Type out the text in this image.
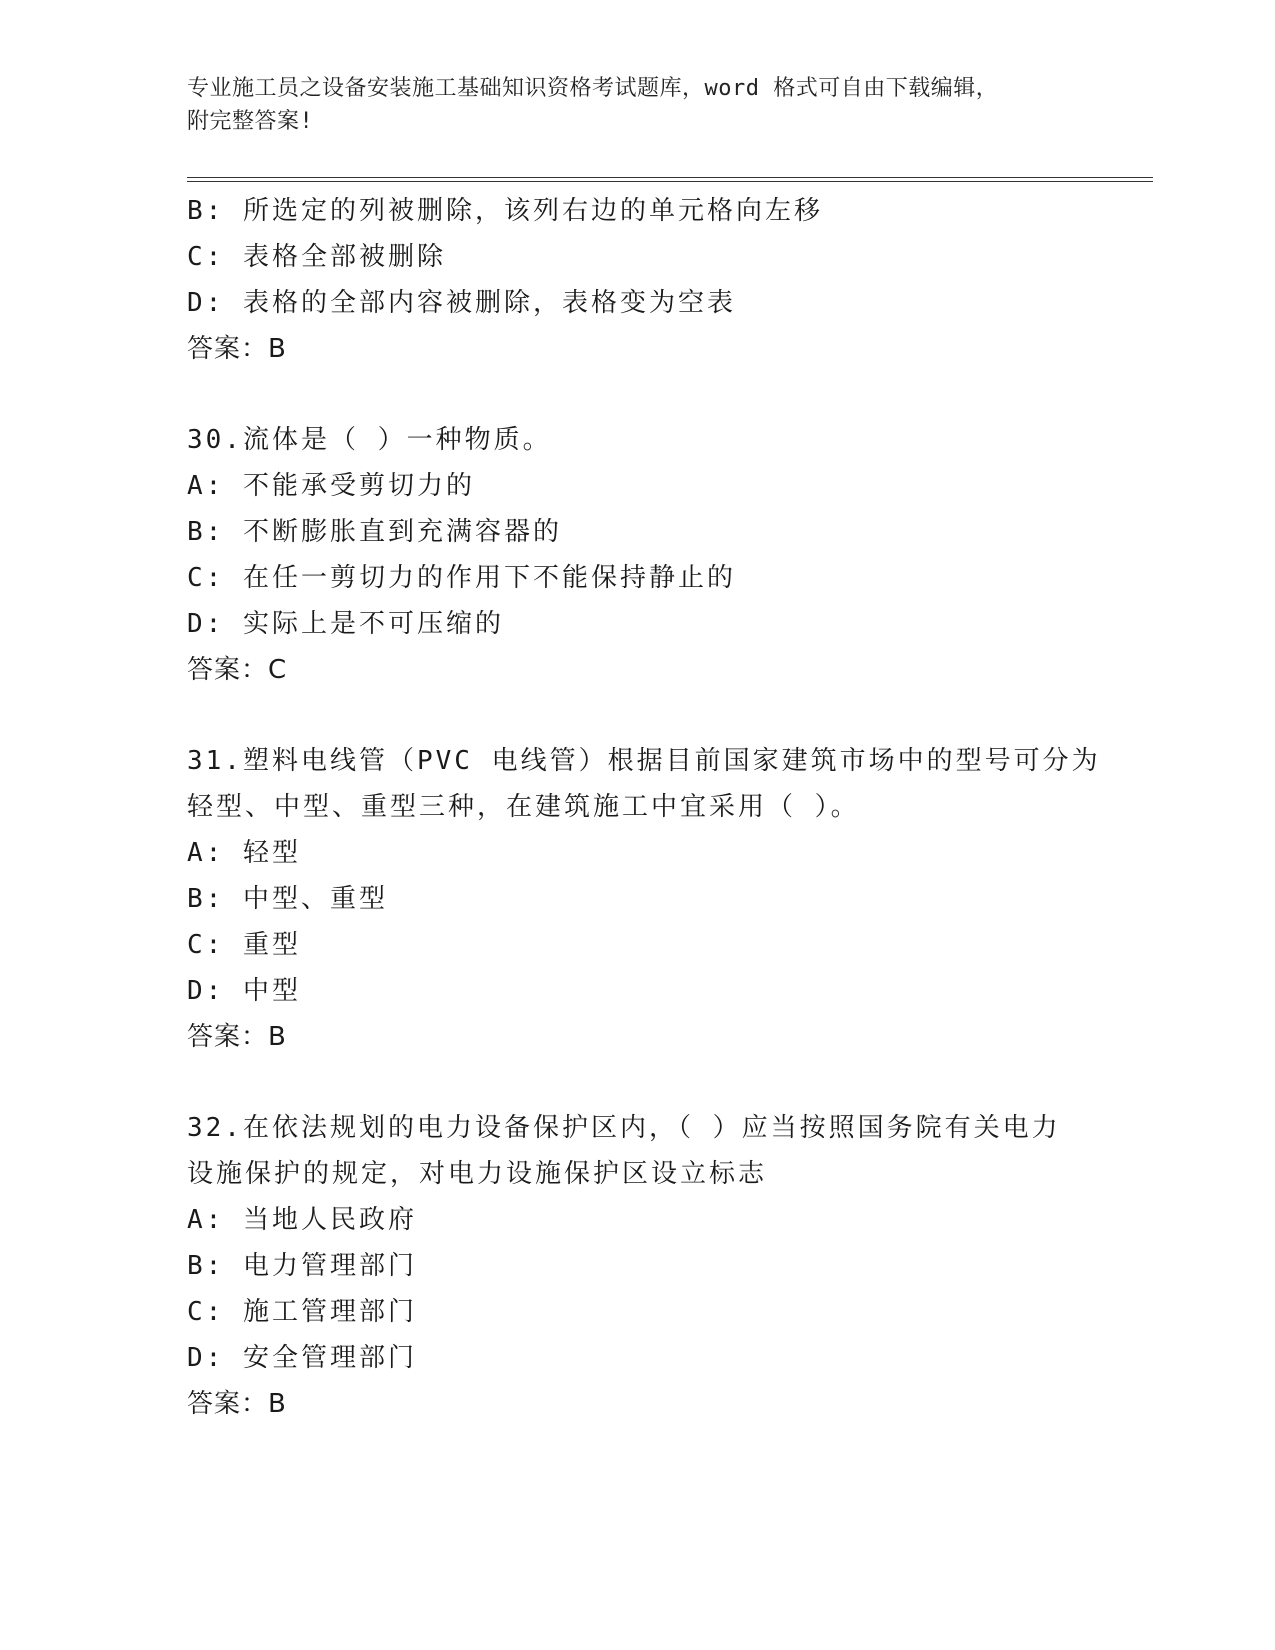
专业施工员之设备安装施工基础知识资格考试题库，word 格式可自由下载编辑，
附完整答案!
B: 所选定的列被删除，该列右边的单元格向左移
C: 表格全部被删除
D: 表格的全部内容被删除，表格变为空表
答案：B
30.流体是（ ）一种物质。
A: 不能承受剪切力的
B: 不断膨胀直到充满容器的
C: 在任一剪切力的作用下不能保持静止的
D: 实际上是不可压缩的
答案：C
31.塑料电线管（PVC 电线管）根据目前国家建筑市场中的型号可分为
轻型、中型、重型三种，在建筑施工中宜采用（ ）。
A: 轻型
B: 中型、重型
C: 重型
D: 中型
答案：B
32.在依法规划的电力设备保护区内，（ ）应当按照国务院有关电力
设施保护的规定，对电力设施保护区设立标志
A: 当地人民政府
B: 电力管理部门
C: 施工管理部门
D: 安全管理部门
答案：B
